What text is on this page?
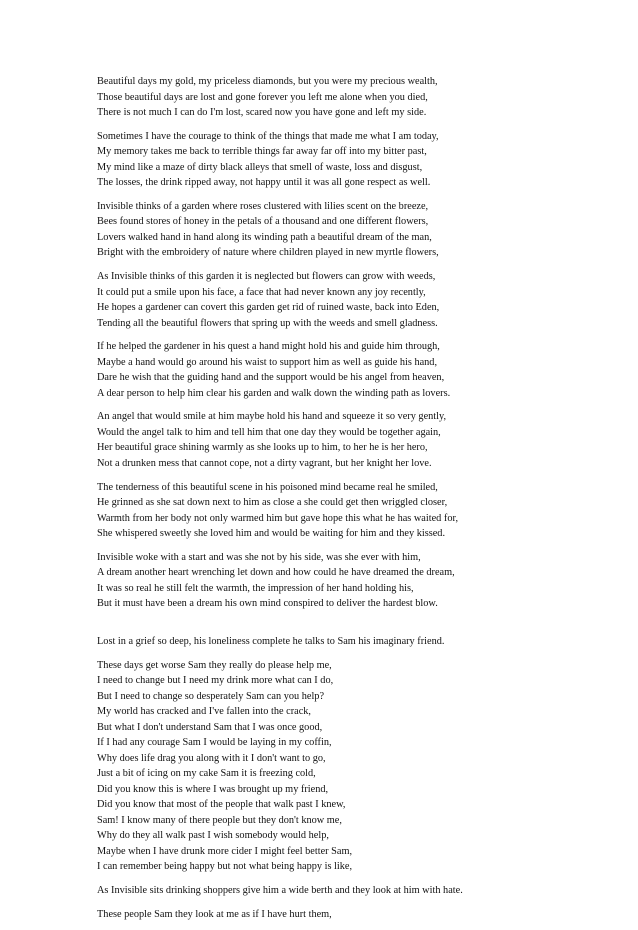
Beautiful days my gold, my priceless diamonds, but you were my precious wealth,
Those beautiful days are lost and gone forever you left me alone when you died,
There is not much I can do I'm lost, scared now you have gone and left my side.
Sometimes I have the courage to think of the things that made me what I am today,
My memory takes me back to terrible things far away far off into my bitter past,
My mind like a maze of dirty black alleys that smell of waste, loss and disgust,
The losses, the drink ripped away, not happy until it was all gone respect as well.
Invisible thinks of a garden where roses clustered with lilies scent on the breeze,
Bees found stores of honey in the petals of a thousand and one different flowers,
Lovers walked hand in hand along its winding path a beautiful dream of the man,
Bright with the embroidery of nature where children played in new myrtle flowers,
As Invisible thinks of this garden it is neglected but flowers can grow with weeds,
It could put a smile upon his face, a face that had never known any joy recently,
He hopes a gardener can covert this garden get rid of ruined waste, back into Eden,
Tending all the beautiful flowers that spring up with the weeds and smell gladness.
If he helped the gardener in his quest a hand might hold his and guide him through,
Maybe a hand would go around his waist to support him as well as guide his hand,
Dare he wish that the guiding hand and the support would be his angel from heaven,
A dear person to help him clear his garden and walk down the winding path as lovers.
An angel that would smile at him maybe hold his hand and squeeze it so very gently,
Would the angel talk to him and tell him that one day they would be together again,
Her beautiful grace shining warmly as she looks up to him, to her he is her hero,
Not a drunken mess that cannot cope, not a dirty vagrant, but her knight her love.
The tenderness of this beautiful scene in his poisoned mind became real he smiled,
He grinned as she sat down next to him as close a she could get then wriggled closer,
Warmth from her body not only warmed him but gave hope this what he has waited for,
She whispered sweetly she loved him and would be waiting for him and they kissed.
Invisible woke with a start and was she not by his side, was she ever with him,
A dream another heart wrenching let down and how could he have dreamed the dream,
It was so real he still felt the warmth, the impression of her hand holding his,
But it must have been a dream his own mind conspired to deliver the hardest blow.
Lost in a grief so deep, his loneliness complete he talks to Sam his imaginary friend.
These days get worse Sam they really do please help me,
I need to change but I need my drink more what can I do,
But I need to change so desperately Sam can you help?
My world has cracked and I've fallen into the crack,
But what I don't understand Sam that I was once good,
If I had any courage Sam I would be laying in my coffin,
Why does life drag you along with it I don't want to go,
Just a bit of icing on my cake Sam it is freezing cold,
Did you know this is where I was brought up my friend,
Did you know that most of the people that walk past I knew,
Sam! I know many of there people but they don't know me,
Why do they all walk past I wish somebody would help,
Maybe when I have drunk more cider I might feel better Sam,
I can remember being happy but not what being happy is like,
As Invisible sits drinking shoppers give him a wide berth and they look at him with hate.
These people Sam they look at me as if I have hurt them,
